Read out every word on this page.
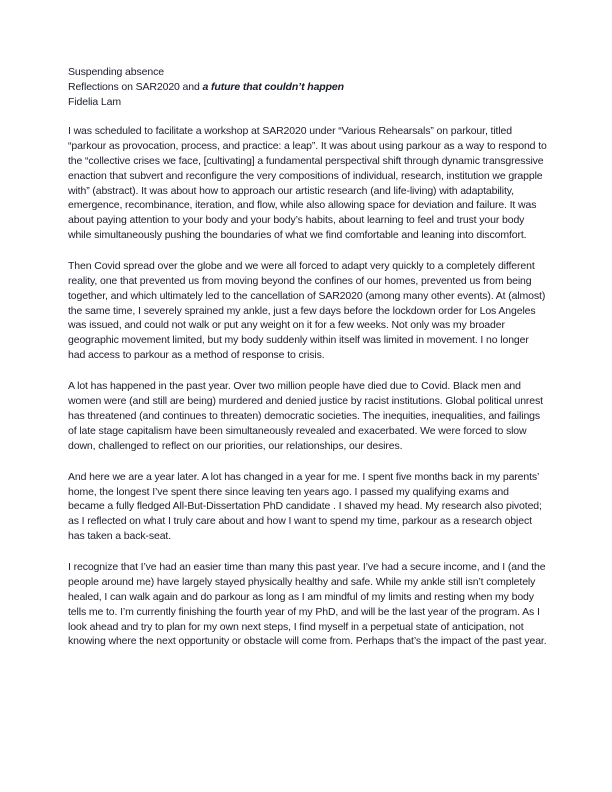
Suspending absence
Reflections on SAR2020 and a future that couldn’t happen
Fidelia Lam

I was scheduled to facilitate a workshop at SAR2020 under “Various Rehearsals” on parkour, titled “parkour as provocation, process, and practice: a leap”. It was about using parkour as a way to respond to the “collective crises we face, [cultivating] a fundamental perspectival shift through dynamic transgressive enaction that subvert and reconfigure the very compositions of individual, research, institution we grapple with” (abstract). It was about how to approach our artistic research (and life-living) with adaptability, emergence, recombinance, iteration, and flow, while also allowing space for deviation and failure. It was about paying attention to your body and your body’s habits, about learning to feel and trust your body while simultaneously pushing the boundaries of what we find comfortable and leaning into discomfort.

Then Covid spread over the globe and we were all forced to adapt very quickly to a completely different reality, one that prevented us from moving beyond the confines of our homes, prevented us from being together, and which ultimately led to the cancellation of SAR2020 (among many other events). At (almost) the same time, I severely sprained my ankle, just a few days before the lockdown order for Los Angeles was issued, and could not walk or put any weight on it for a few weeks. Not only was my broader geographic movement limited, but my body suddenly within itself was limited in movement. I no longer had access to parkour as a method of response to crisis.

A lot has happened in the past year. Over two million people have died due to Covid. Black men and women were (and still are being) murdered and denied justice by racist institutions. Global political unrest has threatened (and continues to threaten) democratic societies. The inequities, inequalities, and failings of late stage capitalism have been simultaneously revealed and exacerbated. We were forced to slow down, challenged to reflect on our priorities, our relationships, our desires.

And here we are a year later. A lot has changed in a year for me. I spent five months back in my parents’ home, the longest I’ve spent there since leaving ten years ago. I passed my qualifying exams and became a fully fledged All-But-Dissertation PhD candidate . I shaved my head. My research also pivoted; as I reflected on what I truly care about and how I want to spend my time, parkour as a research object has taken a back-seat.

I recognize that I’ve had an easier time than many this past year. I’ve had a secure income, and I (and the people around me) have largely stayed physically healthy and safe. While my ankle still isn’t completely healed, I can walk again and do parkour as long as I am mindful of my limits and resting when my body tells me to. I’m currently finishing the fourth year of my PhD, and will be the last year of the program. As I look ahead and try to plan for my own next steps, I find myself in a perpetual state of anticipation, not knowing where the next opportunity or obstacle will come from. Perhaps that’s the impact of the past year.
